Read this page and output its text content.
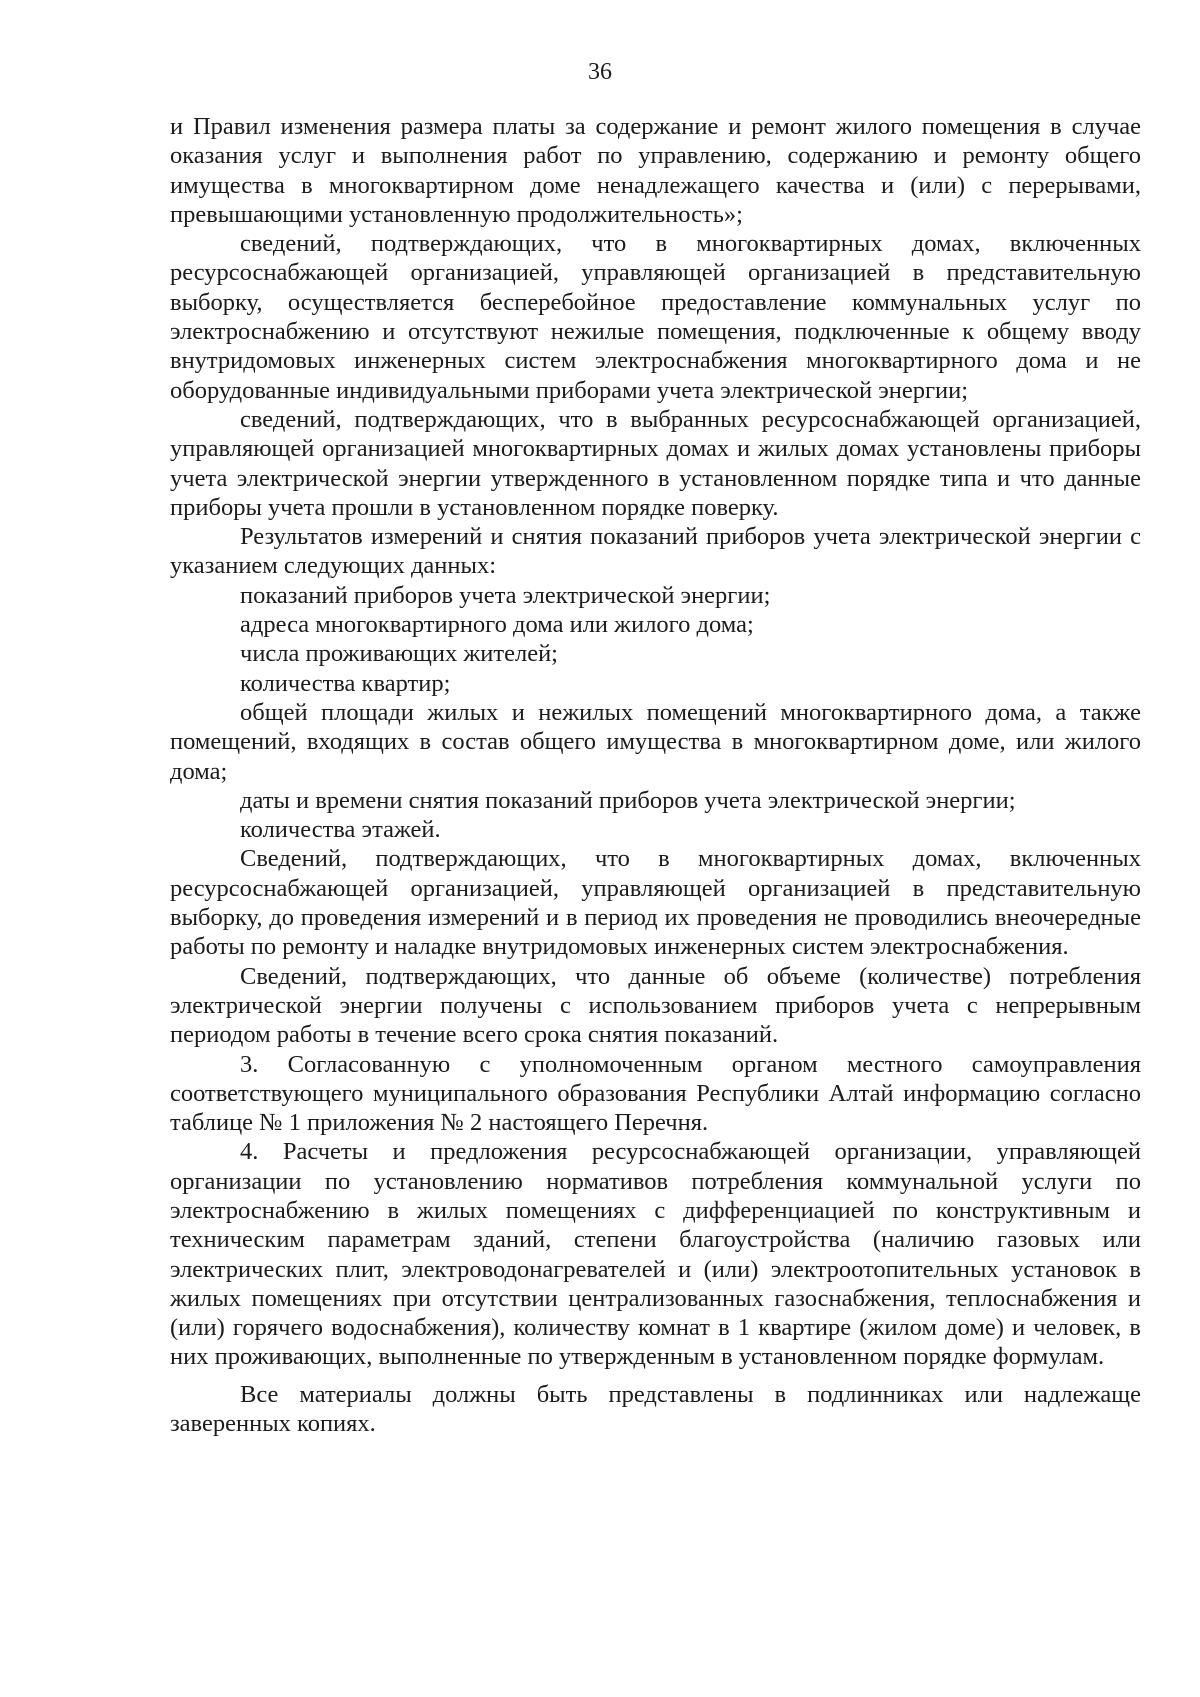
36

и Правил изменения размера платы за содержание и ремонт жилого помещения в случае оказания услуг и выполнения работ по управлению, содержанию и ремонту общего имущества в многоквартирном доме ненадлежащего качества и (или) с перерывами, превышающими установленную продолжительность»;

сведений, подтверждающих, что в многоквартирных домах, включенных ресурсоснабжающей организацией, управляющей организацией в представительную выборку, осуществляется бесперебойное предоставление коммунальных услуг по электроснабжению и отсутствуют нежилые помещения, подключенные к общему вводу внутридомовых инженерных систем электроснабжения многоквартирного дома и не оборудованные индивидуальными приборами учета электрической энергии;

сведений, подтверждающих, что в выбранных ресурсоснабжающей организацией, управляющей организацией многоквартирных домах и жилых домах установлены приборы учета электрической энергии утвержденного в установленном порядке типа и что данные приборы учета прошли в установленном порядке поверку.

Результатов измерений и снятия показаний приборов учета электрической энергии с указанием следующих данных:

показаний приборов учета электрической энергии;

адреса многоквартирного дома или жилого дома;

числа проживающих жителей;

количества квартир;

общей площади жилых и нежилых помещений многоквартирного дома, а также помещений, входящих в состав общего имущества в многоквартирном доме, или жилого дома;

даты и времени снятия показаний приборов учета электрической энергии;

количества этажей.

Сведений, подтверждающих, что в многоквартирных домах, включенных ресурсоснабжающей организацией, управляющей организацией в представительную выборку, до проведения измерений и в период их проведения не проводились внеочередные работы по ремонту и наладке внутридомовых инженерных систем электроснабжения.

Сведений, подтверждающих, что данные об объеме (количестве) потребления электрической энергии получены с использованием приборов учета с непрерывным периодом работы в течение всего срока снятия показаний.

3. Согласованную с уполномоченным органом местного самоуправления соответствующего муниципального образования Республики Алтай информацию согласно таблице № 1 приложения № 2 настоящего Перечня.

4. Расчеты и предложения ресурсоснабжающей организации, управляющей организации по установлению нормативов потребления коммунальной услуги по электроснабжению в жилых помещениях с дифференциацией по конструктивным и техническим параметрам зданий, степени благоустройства (наличию газовых или электрических плит, электроводонагревателей и (или) электроотопительных установок в жилых помещениях при отсутствии централизованных газоснабжения, теплоснабжения и (или) горячего водоснабжения), количеству комнат в 1 квартире (жилом доме) и человек, в них проживающих, выполненные по утвержденным в установленном порядке формулам.

Все материалы должны быть представлены в подлинниках или надлежаще заверенных копиях.
